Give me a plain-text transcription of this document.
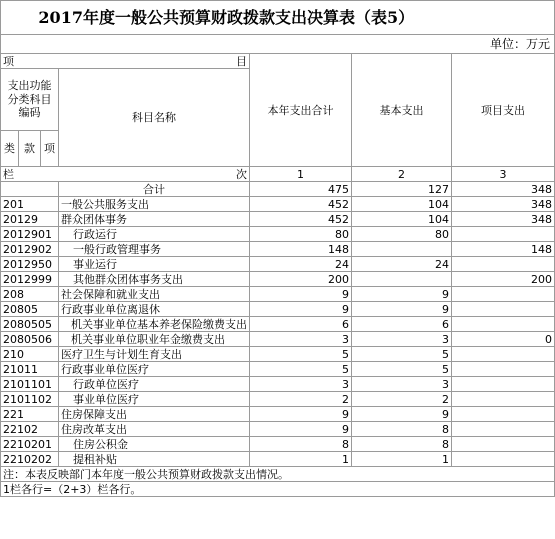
2017年度一般公共预算财政拨款支出决算表（表5）						
单位：万元						

项 目				本年支出合计	基本支出	项目支出
支出功能分类科目编码			科目名称			
类	款	项				

栏 次				1	2	3
			合计	475	127	348
201			一般公共服务支出	452	104	348
20129			群众团体事务	452	104	348
2012901			行政运行	80	80	
2012902			一般行政管理事务	148		148
2012950			事业运行	24	24	
2012999			其他群众团体事务支出	200		200
208			社会保障和就业支出	9	9	
20805			行政事业单位离退休	9	9	
2080505			机关事业单位基本养老保险缴费支出	6	6	
2080506			机关事业单位职业年金缴费支出	3	3	0
210			医疗卫生与计划生育支出	5	5	
21011			行政事业单位医疗	5	5	
2101101			行政单位医疗	3	3	
2101102			事业单位医疗	2	2	
221			住房保障支出	9	9	
22102			住房改革支出	9	8	
2210201			住房公积金	8	8	
2210202			提租补贴	1	1	
注：本表反映部门本年度一般公共预算财政拨款支出情况。						
1栏各行=（2+3）栏各行。						
